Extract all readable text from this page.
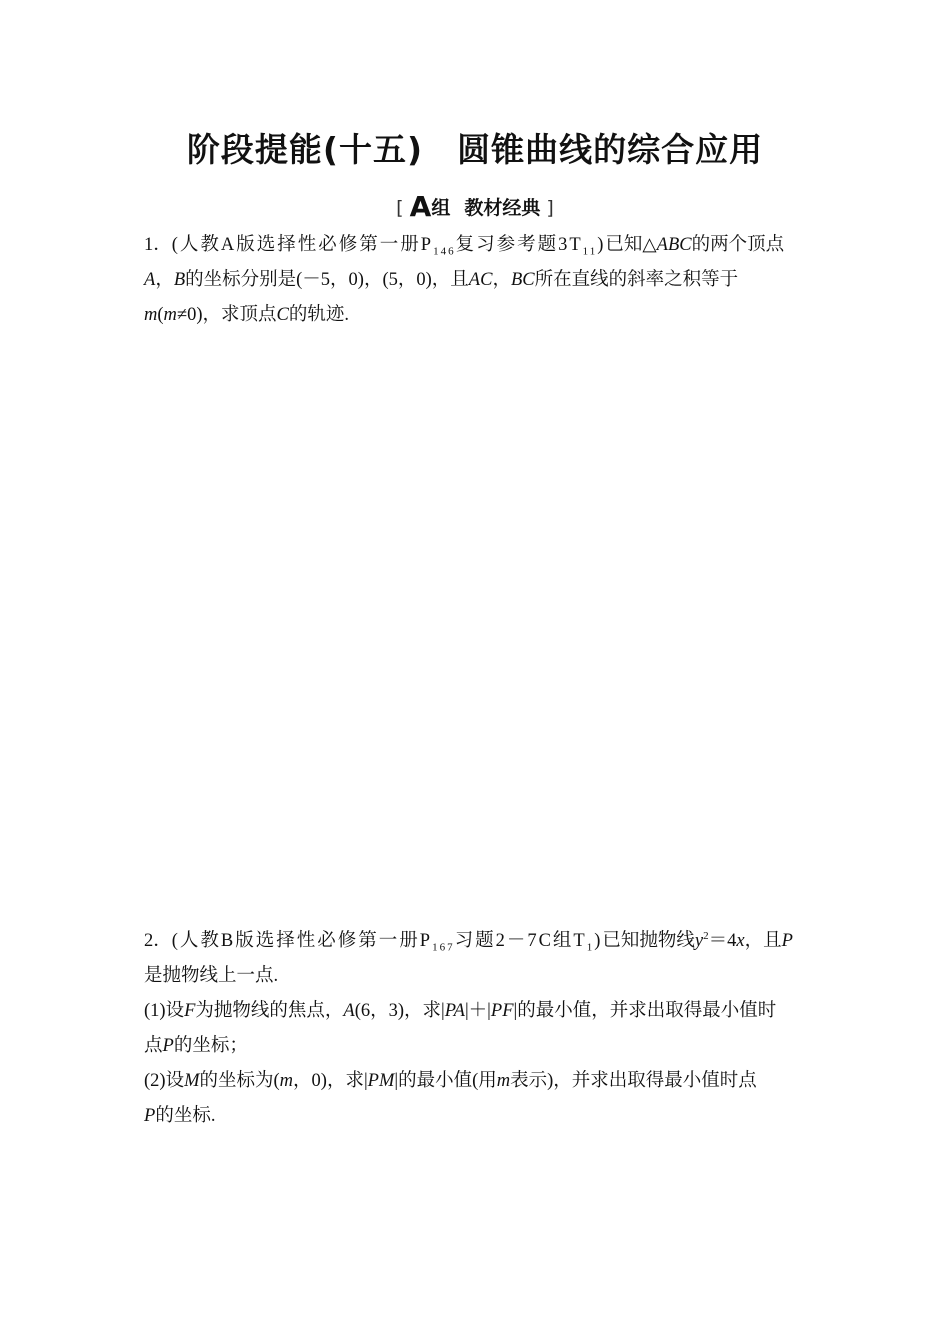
阶段提能(十五) 圆锥曲线的综合应用
[ A组 教材经典 ]
1．(人教A版选择性必修第一册$P_{146}$复习参考题$3T_{11}$)已知△ABC的两个顶点
A，B的坐标分别是(－5，0)，(5，0)，且AC，BC所在直线的斜率之积等于
m(m≠0)，求顶点C的轨迹.
2．(人教B版选择性必修第一册$P_{167}$习题2－7C组$T_1$)已知抛物线$y^2=4x$，且P
是抛物线上一点.
(1)设F为抛物线的焦点，A(6，3)，求|PA|＋|PF|的最小值，并求出取得最小值时
点P的坐标；
(2)设M的坐标为(m，0)，求|PM|的最小值(用m表示)，并求出取得最小值时点
P的坐标.
